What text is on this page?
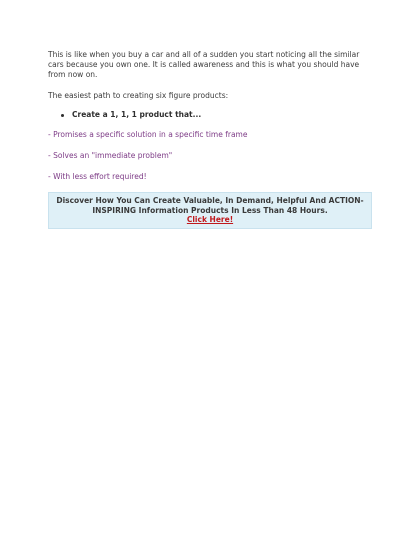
This is like when you buy a car and all of a sudden you start noticing all the similar cars because you own one. It is called awareness and this is what you should have from now on.

The easiest path to creating six figure products:

Create a 1, 1, 1 product that...

- Promises a specific solution in a specific time frame

- Solves an "immediate problem"

- With less effort required!

Discover How You Can Create Valuable, In Demand, Helpful And ACTION-INSPIRING Information Products In Less Than 48 Hours.
Click Here!
